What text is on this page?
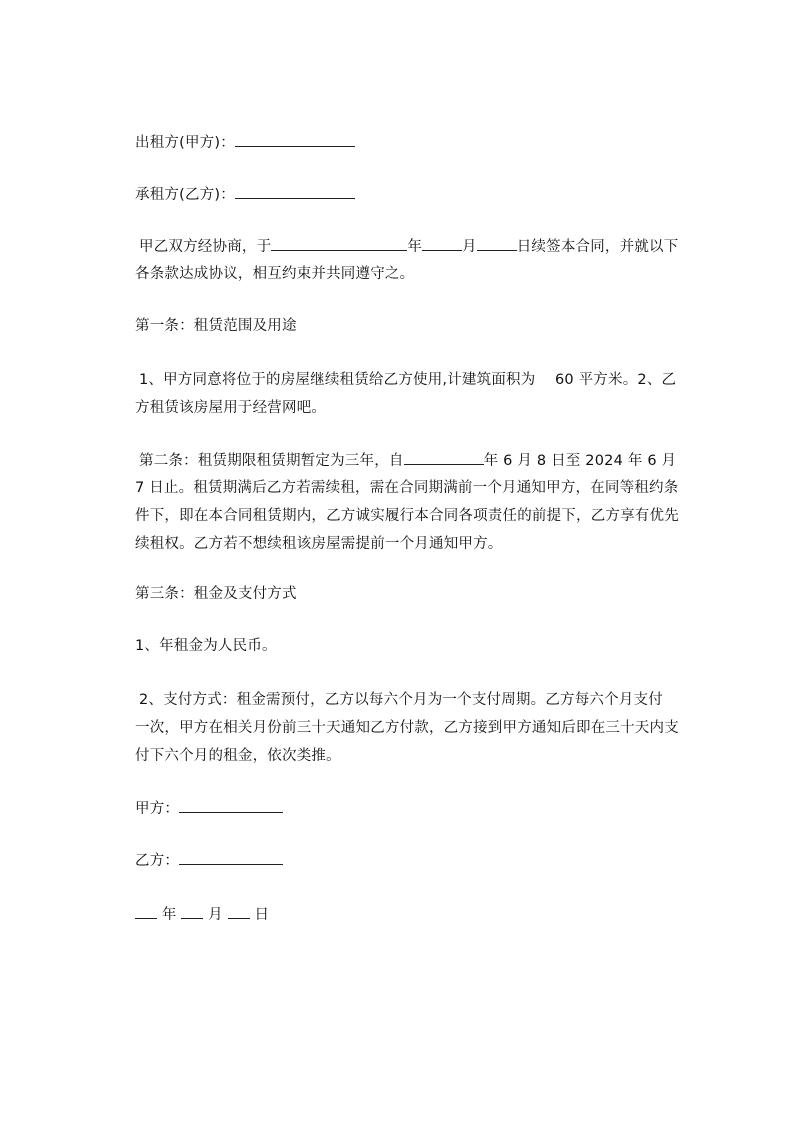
出租方(甲方)：

承租方(乙方)：

甲乙双方经协商，于	年	月	日续签本合同，并就以下

各条款达成协议，相互约束并共同遵守之。

第一条：租赁范围及用途

1、甲方同意将位于的房屋继续租赁给乙方使用,计建筑面积为　 60 平方米。2、乙

方租赁该房屋用于经营网吧。

第二条：租赁期限租赁期暂定为三年，自	年 6 月 8 日至 2024 年 6 月

7 日止。租赁期满后乙方若需续租，需在合同期满前一个月通知甲方，在同等租约条

件下，即在本合同租赁期内，乙方诚实履行本合同各项责任的前提下，乙方享有优先

续租权。乙方若不想续租该房屋需提前一个月通知甲方。

第三条：租金及支付方式

1、年租金为人民币。

2、支付方式：租金需预付，乙方以每六个月为一个支付周期。乙方每六个月支付

一次，甲方在相关月份前三十天通知乙方付款，乙方接到甲方通知后即在三十天内支

付下六个月的租金，依次类推。

甲方：

乙方：

年 月 日
